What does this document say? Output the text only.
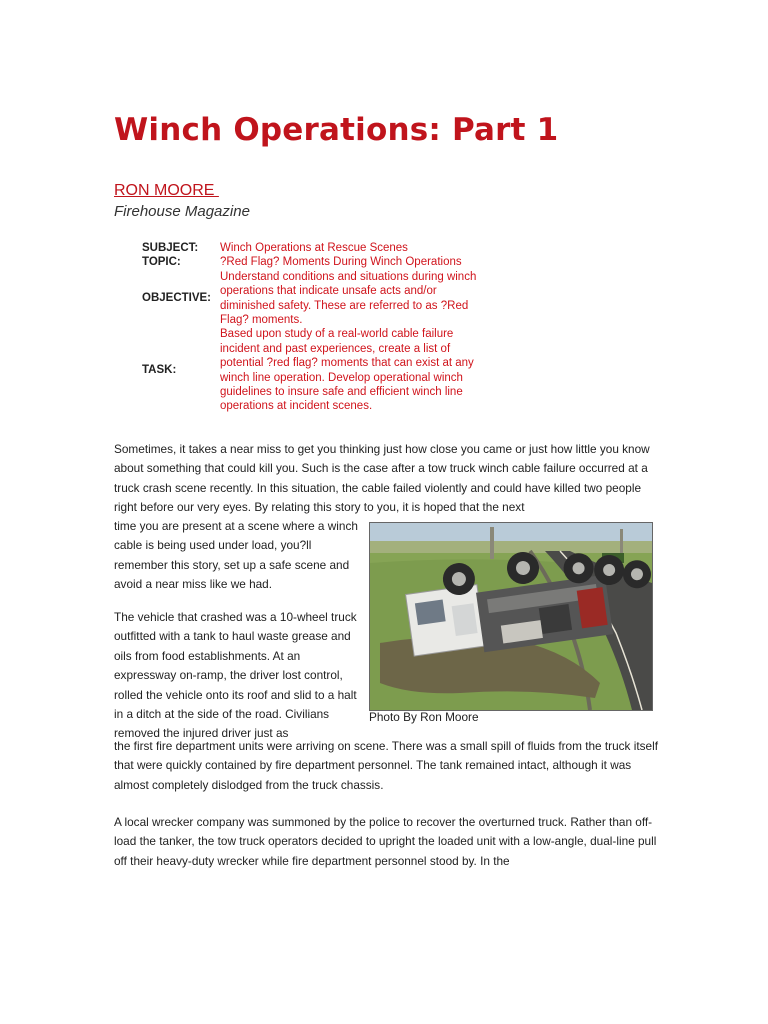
Winch Operations: Part 1
RON MOORE
Firehouse Magazine
SUBJECT:	Winch Operations at Rescue Scenes
TOPIC:	?Red Flag? Moments During Winch Operations
OBJECTIVE:	Understand conditions and situations during winch operations that indicate unsafe acts and/or diminished safety. These are referred to as ?Red Flag? moments.
TASK:	Based upon study of a real-world cable failure incident and past experiences, create a list of potential ?red flag? moments that can exist at any winch line operation. Develop operational winch guidelines to insure safe and efficient winch line operations at incident scenes.

Sometimes, it takes a near miss to get you thinking just how close you came or just how little you know about something that could kill you. Such is the case after a tow truck winch cable failure occurred at a truck crash scene recently. In this situation, the cable failed violently and could have killed two people right before our very eyes. By relating this story to you, it is hoped that the next

time you are present at a scene where a winch cable is being used under load, you?ll remember this story, set up a safe scene and avoid a near miss like we had.

The vehicle that crashed was a 10-wheel truck outfitted with a tank to haul waste grease and oils from food establishments. At an expressway on-ramp, the driver lost control, rolled the vehicle onto its roof and slid to a halt in a ditch at the side of the road. Civilians removed the injured driver just as

the first fire department units were arriving on scene. There was a small spill of fluids from the truck itself that were quickly contained by fire department personnel. The tank remained intact, although it was almost completely dislodged from the truck chassis.

A local wrecker company was summoned by the police to recover the overturned truck. Rather than off-load the tanker, the tow truck operators decided to upright the loaded unit with a low-angle, dual-line pull off their heavy-duty wrecker while fire department personnel stood by. In the

Photo By Ron Moore
